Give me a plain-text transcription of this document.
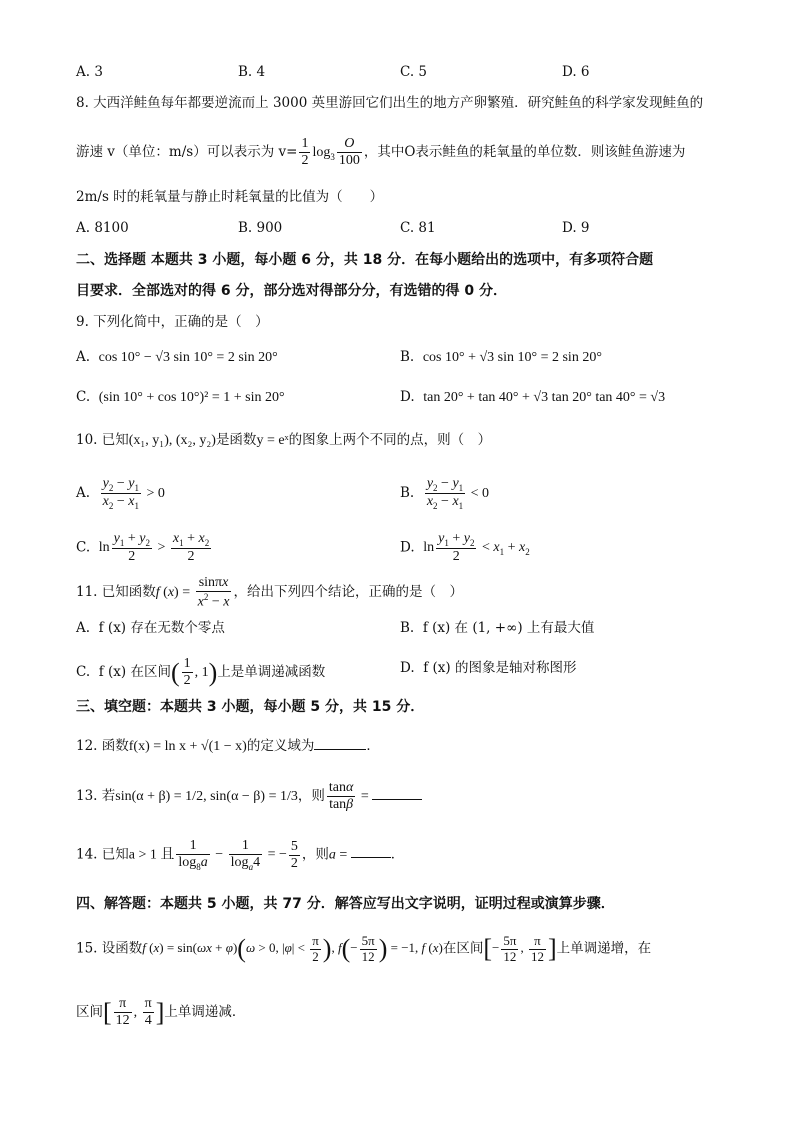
A. 3	B. 4	C. 5	D. 6
8. 大西洋鲑鱼每年都要逆流而上 3000 英里游回它们出生的地方产卵繁殖．研究鲑鱼的科学家发现鲑鱼的
游速 v（单位：m/s）可以表示为 $v= \frac{1}{2} \log_3 \frac{O}{100}$ ，其中O表示鲑鱼的耗氧量的单位数．则该鲑鱼游速为
2m/s 时的耗氧量与静止时耗氧量的比值为（　　）
A. 8100	B. 900	C. 81	D. 9
二、选择题 本题共 3 小题，每小题 6 分，共 18 分．在每小题给出的选项中，有多项符合题
目要求．全部选对的得 6 分，部分选对得部分分，有选错的得 0 分．
9. 下列化简中，正确的是（　）
A. cos 10° − √3 sin 10° = 2 sin 20°	B. cos 10° + √3 sin 10° = 2 sin 20°
C. (sin 10° + cos 10°)² = 1 + sin 20°	D. tan 20° + tan 40° + √3 tan 20° tan 40° = √3
10. 已知(x₁, y₁), (x₂, y₂)是函数y = eˣ的图象上两个不同的点，则（　）
A. $\frac{y_2 - y_1}{x_2 - x_1} > 0$	B. $\frac{y_2 - y_1}{x_2 - x_1} < 0$
C. $\ln \frac{y_1 + y_2}{2} > \frac{x_1 + x_2}{2}$	D. $\ln \frac{y_1 + y_2}{2} < x_1 + x_2$
11. 已知函数f $(x) = \frac{\sin\pi x}{x^2 - x}$ ，给出下列四个结论，正确的是（　）
A. f (x) 存在无数个零点	B. f (x) 在 (1, +∞) 上有最大值
C. f (x) 在区间( $\frac{1}{2}$ , 1)上是单调递减函数	D. f (x) 的图象是轴对称图形
三、填空题：本题共 3 小题，每小题 5 分，共 15 分．
12. 函数f(x) = ln x + √(1 − x)的定义域为	．
13. 若sin(α + β) = 1/2, sin(α − β) = 1/3，则 $\frac{\tan\alpha}{\tan\beta}$ =
14. 已知a > 1 且 $\frac{1}{\log_8a} - \frac{1}{\log_a4}$ = − $\frac{5}{2}$ ，则a =	．
四、解答题：本题共 5 小题，共 77 分．解答应写出文字说明，证明过程或演算步骤．
15. 设函数f (x) = sin(ωx + φ)(ω > 0, $|\varphi| < \frac{\pi}{2}$ ), $f(- \frac{5\pi}{12}$ ) = −1, f (x)在区间[− $\frac{5\pi}{12}$ , $\frac{\pi}{12}$ ]上单调递增，在
区间[ $\frac{\pi}{12}$ , $\frac{\pi}{4}$ ]上单调递减．
